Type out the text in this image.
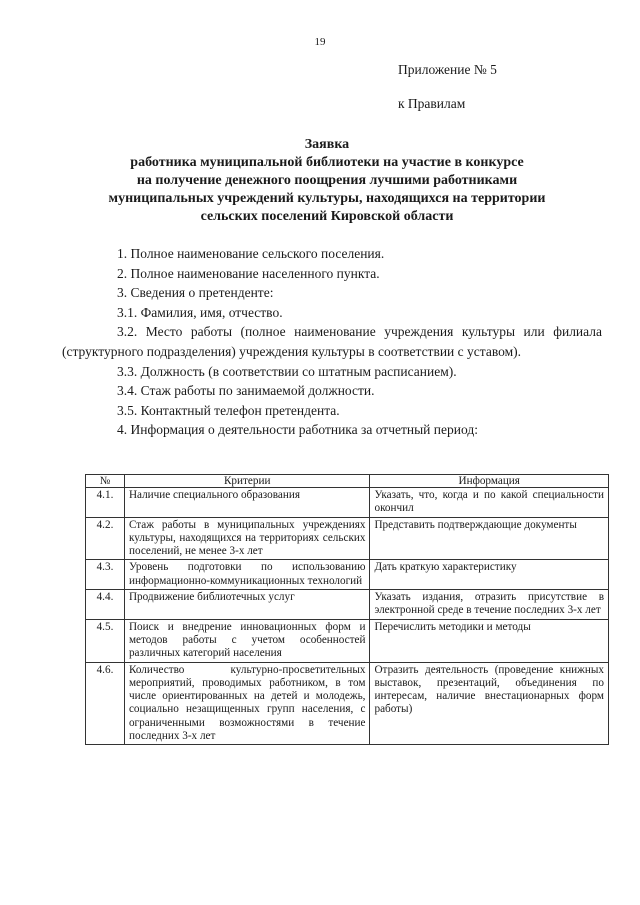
19
Приложение № 5
к Правилам
Заявка
работника муниципальной библиотеки на участие в конкурсе
на получение денежного поощрения лучшими работниками
муниципальных учреждений культуры, находящихся на территории
сельских поселений Кировской области

1. Полное наименование сельского поселения.

2. Полное наименование населенного пункта.

3. Сведения о претенденте:

3.1. Фамилия, имя, отчество.

3.2. Место работы (полное наименование учреждения культуры или филиала (структурного подразделения) учреждения культуры в соответствии с уставом).

3.3. Должность (в соответствии со штатным расписанием).

3.4. Стаж работы по занимаемой должности.

3.5. Контактный телефон претендента.

4. Информация о деятельности работника за отчетный период:

№	Критерии	Информация
4.1.	Наличие специального образования	Указать, что, когда и по какой специальности окончил
4.2.	Стаж работы в муниципальных учреждениях культуры, находящихся на территориях сельских поселений, не менее 3-х лет	Представить подтверждающие документы
4.3.	Уровень подготовки по использованию информационно-коммуникационных технологий	Дать краткую характеристику
4.4.	Продвижение библиотечных услуг	Указать издания, отразить присутствие в электронной среде в течение последних 3-х лет
4.5.	Поиск и внедрение инновационных форм и методов работы с учетом особенностей различных категорий населения	Перечислить методики и методы
4.6.	Количество культурно-просветительных мероприятий, проводимых работником, в том числе ориентированных на детей и молодежь, социально незащищенных групп населения, с ограниченными возможностями в течение последних 3-х лет	Отразить деятельность (проведение книжных выставок, презентаций, объединения по интересам, наличие внестационарных форм работы)
